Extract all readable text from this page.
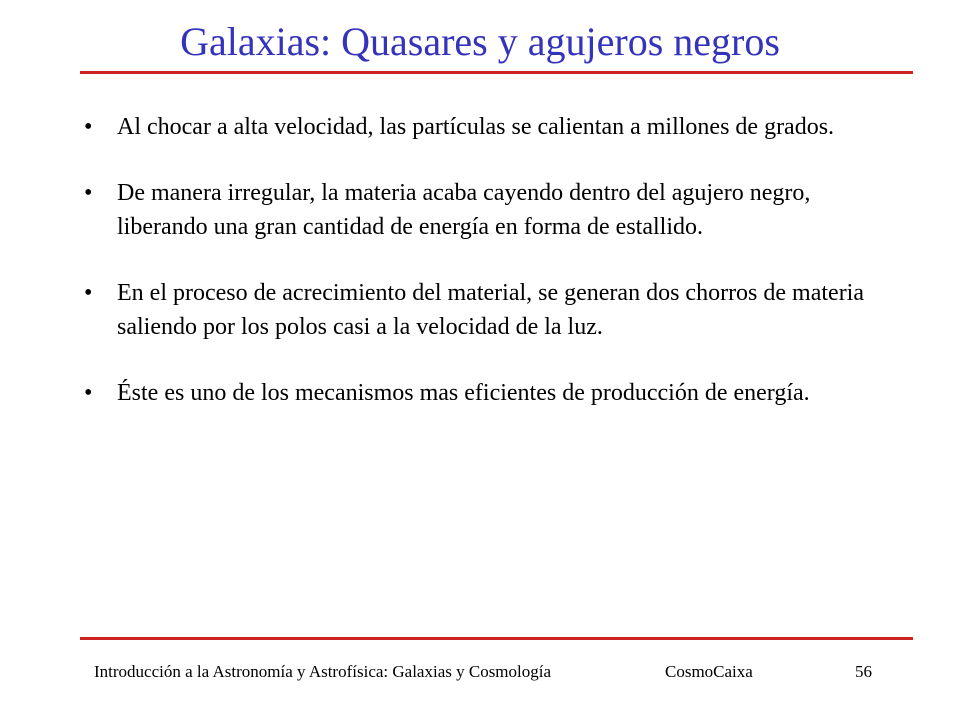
Galaxias: Quasares y agujeros negros
• Al chocar a alta velocidad, las partículas se calientan a millones de grados.
• De manera irregular, la materia acaba cayendo dentro del agujero negro, liberando una gran cantidad de energía en forma de estallido.
• En el proceso de acrecimiento del material, se generan dos chorros de materia saliendo por los polos casi a la velocidad de la luz.
• Éste es uno de los mecanismos mas eficientes de producción de energía.
Introducción a la Astronomía y Astrofísica: Galaxias y Cosmología	CosmoCaixa	56
